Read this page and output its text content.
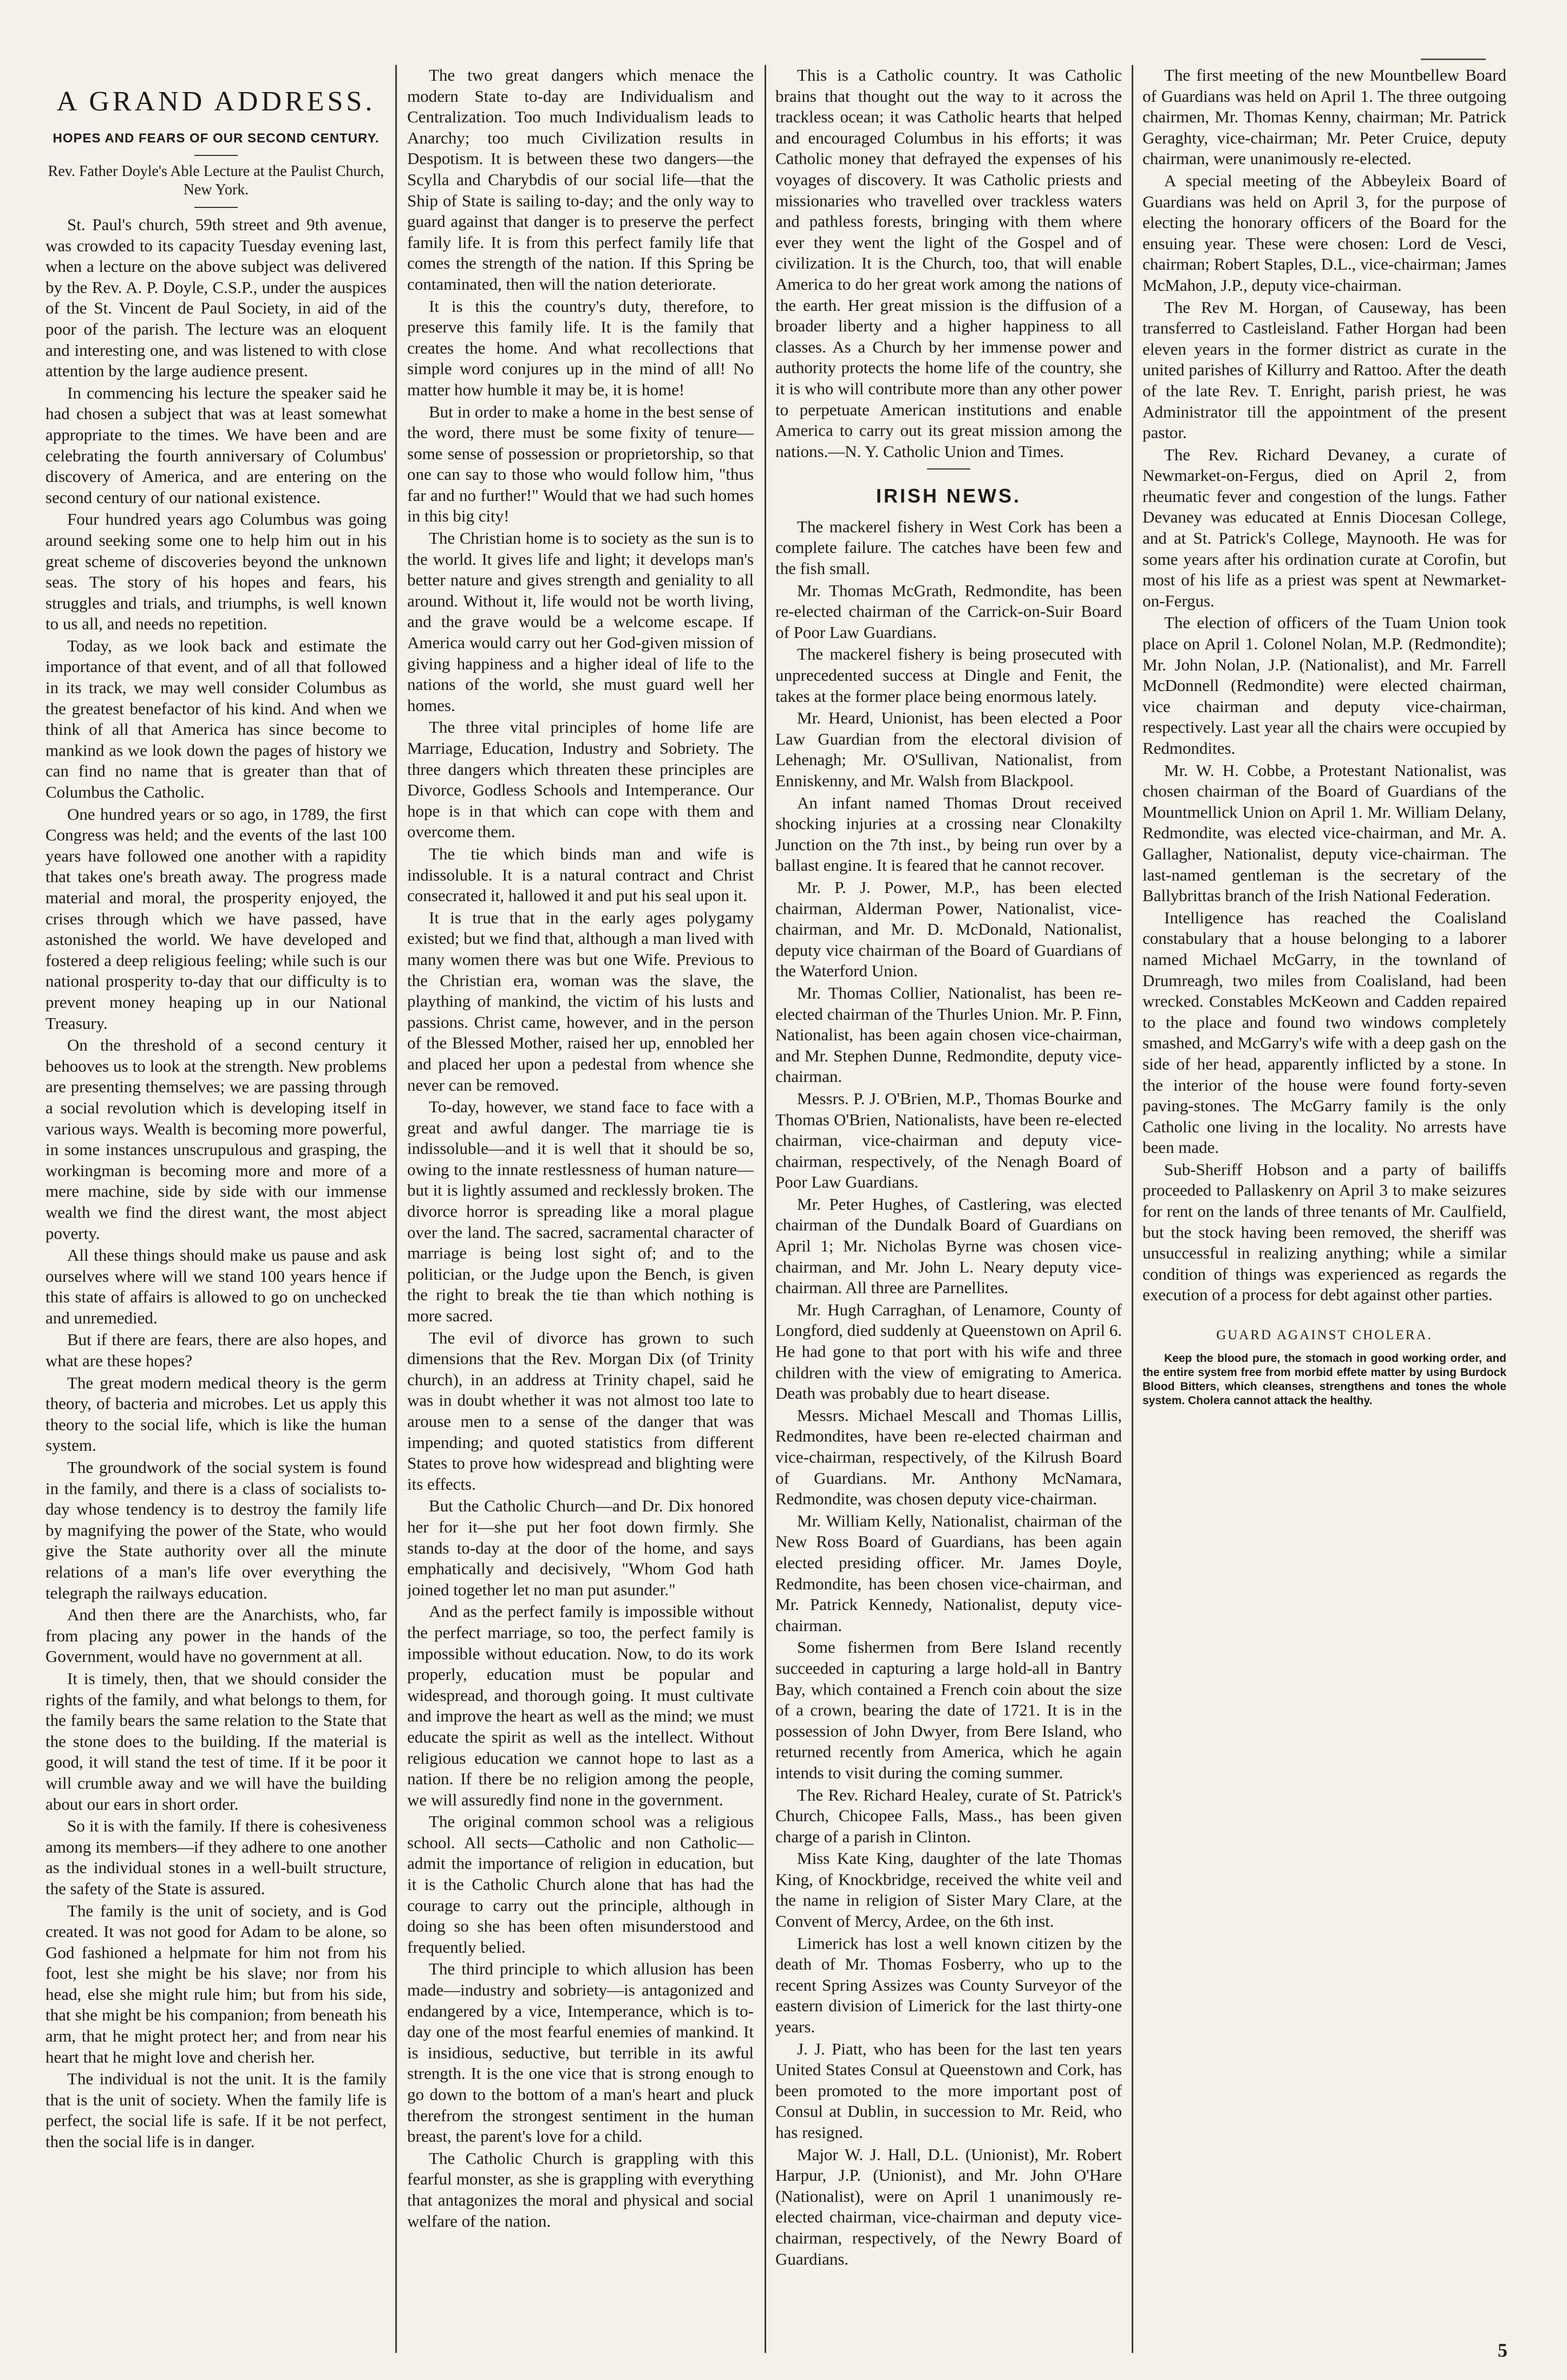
A GRAND ADDRESS.
HOPES AND FEARS OF OUR SECOND CENTURY.
Rev. Father Doyle's Able Lecture at the Paulist Church, New York.

St. Paul's church, 59th street and 9th avenue, was crowded to its capacity Tuesday evening last, when a lecture on the above subject was delivered by the Rev. A. P. Doyle, C.S.P., under the auspices of the St. Vincent de Paul Society, in aid of the poor of the parish. The lecture was an eloquent and interesting one, and was listened to with close attention by the large audience present.

In commencing his lecture the speaker said he had chosen a subject that was at least somewhat appropriate to the times. We have been and are celebrating the fourth anniversary of Columbus' discovery of America, and are entering on the second century of our national existence.

Four hundred years ago Columbus was going around seeking some one to help him out in his great scheme of discoveries beyond the unknown seas. The story of his hopes and fears, his struggles and trials, and triumphs, is well known to us all, and needs no repetition.

Today, as we look back and estimate the importance of that event, and of all that followed in its track, we may well consider Columbus as the greatest benefactor of his kind. And when we think of all that America has since become to mankind as we look down the pages of history we can find no name that is greater than that of Columbus the Catholic.

One hundred years or so ago, in 1789, the first Congress was held; and the events of the last 100 years have followed one another with a rapidity that takes one's breath away. The progress made material and moral, the prosperity enjoyed, the crises through which we have passed, have astonished the world. We have developed and fostered a deep religious feeling; while such is our national prosperity to-day that our difficulty is to prevent money heaping up in our National Treasury.

On the threshold of a second century it behooves us to look at the strength. New problems are presenting themselves; we are passing through a social revolution which is developing itself in various ways. Wealth is becoming more powerful, in some instances unscrupulous and grasping, the workingman is becoming more and more of a mere machine, side by side with our immense wealth we find the direst want, the most abject poverty.

All these things should make us pause and ask ourselves where will we stand 100 years hence if this state of affairs is allowed to go on unchecked and unremedied.

But if there are fears, there are also hopes, and what are these hopes?

The great modern medical theory is the germ theory, of bacteria and microbes. Let us apply this theory to the social life, which is like the human system.

The groundwork of the social system is found in the family, and there is a class of socialists to-day whose tendency is to destroy the family life by magnifying the power of the State, who would give the State authority over all the minute relations of a man's life over everything the telegraph the railways education.

And then there are the Anarchists, who, far from placing any power in the hands of the Government, would have no government at all.

It is timely, then, that we should consider the rights of the family, and what belongs to them, for the family bears the same relation to the State that the stone does to the building. If the material is good, it will stand the test of time. If it be poor it will crumble away and we will have the building about our ears in short order.

So it is with the family. If there is cohesiveness among its members—if they adhere to one another as the individual stones in a well-built structure, the safety of the State is assured.

The family is the unit of society, and is God created. It was not good for Adam to be alone, so God fashioned a helpmate for him not from his foot, lest she might be his slave; nor from his head, else she might rule him; but from his side, that she might be his companion; from beneath his arm, that he might protect her; and from near his heart that he might love and cherish her.

The individual is not the unit. It is the family that is the unit of society. When the family life is perfect, the social life is safe. If it be not perfect, then the social life is in danger.

The two great dangers which menace the modern State to-day are Individualism and Centralization. Too much Individualism leads to Anarchy; too much Civilization results in Despotism. It is between these two dangers—the Scylla and Charybdis of our social life—that the Ship of State is sailing to-day; and the only way to guard against that danger is to preserve the perfect family life. It is from this perfect family life that comes the strength of the nation. If this Spring be contaminated, then will the nation deteriorate.

It is this the country's duty, therefore, to preserve this family life. It is the family that creates the home. And what recollections that simple word conjures up in the mind of all! No matter how humble it may be, it is home!

But in order to make a home in the best sense of the word, there must be some fixity of tenure—some sense of possession or proprietorship, so that one can say to those who would follow him, "thus far and no further!" Would that we had such homes in this big city!

The Christian home is to society as the sun is to the world. It gives life and light; it develops man's better nature and gives strength and geniality to all around. Without it, life would not be worth living, and the grave would be a welcome escape. If America would carry out her God-given mission of giving happiness and a higher ideal of life to the nations of the world, she must guard well her homes.

The three vital principles of home life are Marriage, Education, Industry and Sobriety. The three dangers which threaten these principles are Divorce, Godless Schools and Intemperance. Our hope is in that which can cope with them and overcome them.

The tie which binds man and wife is indissoluble. It is a natural contract and Christ consecrated it, hallowed it and put his seal upon it.

It is true that in the early ages polygamy existed; but we find that, although a man lived with many women there was but one Wife. Previous to the Christian era, woman was the slave, the plaything of mankind, the victim of his lusts and passions. Christ came, however, and in the person of the Blessed Mother, raised her up, ennobled her and placed her upon a pedestal from whence she never can be removed.

To-day, however, we stand face to face with a great and awful danger. The marriage tie is indissoluble—and it is well that it should be so, owing to the innate restlessness of human nature—but it is lightly assumed and recklessly broken. The divorce horror is spreading like a moral plague over the land. The sacred, sacramental character of marriage is being lost sight of; and to the politician, or the Judge upon the Bench, is given the right to break the tie than which nothing is more sacred.

The evil of divorce has grown to such dimensions that the Rev. Morgan Dix (of Trinity church), in an address at Trinity chapel, said he was in doubt whether it was not almost too late to arouse men to a sense of the danger that was impending; and quoted statistics from different States to prove how widespread and blighting were its effects.

But the Catholic Church—and Dr. Dix honored her for it—she put her foot down firmly. She stands to-day at the door of the home, and says emphatically and decisively, "Whom God hath joined together let no man put asunder."

And as the perfect family is impossible without the perfect marriage, so too, the perfect family is impossible without education. Now, to do its work properly, education must be popular and widespread, and thorough going. It must cultivate and improve the heart as well as the mind; we must educate the spirit as well as the intellect. Without religious education we cannot hope to last as a nation. If there be no religion among the people, we will assuredly find none in the government.

The original common school was a religious school. All sects—Catholic and non Catholic—admit the importance of religion in education, but it is the Catholic Church alone that has had the courage to carry out the principle, although in doing so she has been often misunderstood and frequently belied.

The third principle to which allusion has been made—industry and sobriety—is antagonized and endangered by a vice, Intemperance, which is to-day one of the most fearful enemies of mankind. It is insidious, seductive, but terrible in its awful strength. It is the one vice that is strong enough to go down to the bottom of a man's heart and pluck therefrom the strongest sentiment in the human breast, the parent's love for a child.

The Catholic Church is grappling with this fearful monster, as she is grappling with everything that antagonizes the moral and physical and social welfare of the nation.

This is a Catholic country. It was Catholic brains that thought out the way to it across the trackless ocean; it was Catholic hearts that helped and encouraged Columbus in his efforts; it was Catholic money that defrayed the expenses of his voyages of discovery. It was Catholic priests and missionaries who travelled over trackless waters and pathless forests, bringing with them where ever they went the light of the Gospel and of civilization. It is the Church, too, that will enable America to do her great work among the nations of the earth. Her great mission is the diffusion of a broader liberty and a higher happiness to all classes. As a Church by her immense power and authority protects the home life of the country, she it is who will contribute more than any other power to perpetuate American institutions and enable America to carry out its great mission among the nations.—N. Y. Catholic Union and Times.

IRISH NEWS.

The mackerel fishery in West Cork has been a complete failure. The catches have been few and the fish small.

Mr. Thomas McGrath, Redmondite, has been re-elected chairman of the Carrick-on-Suir Board of Poor Law Guardians.

The mackerel fishery is being prosecuted with unprecedented success at Dingle and Fenit, the takes at the former place being enormous lately.

Mr. Heard, Unionist, has been elected a Poor Law Guardian from the electoral division of Lehenagh; Mr. O'Sullivan, Nationalist, from Enniskenny, and Mr. Walsh from Blackpool.

An infant named Thomas Drout received shocking injuries at a crossing near Clonakilty Junction on the 7th inst., by being run over by a ballast engine. It is feared that he cannot recover.

Mr. P. J. Power, M.P., has been elected chairman, Alderman Power, Nationalist, vice-chairman, and Mr. D. McDonald, Nationalist, deputy vice chairman of the Board of Guardians of the Waterford Union.

Mr. Thomas Collier, Nationalist, has been re-elected chairman of the Thurles Union. Mr. P. Finn, Nationalist, has been again chosen vice-chairman, and Mr. Stephen Dunne, Redmondite, deputy vice-chairman.

Messrs. P. J. O'Brien, M.P., Thomas Bourke and Thomas O'Brien, Nationalists, have been re-elected chairman, vice-chairman and deputy vice-chairman, respectively, of the Nenagh Board of Poor Law Guardians.

Mr. Peter Hughes, of Castlering, was elected chairman of the Dundalk Board of Guardians on April 1; Mr. Nicholas Byrne was chosen vice-chairman, and Mr. John L. Neary deputy vice-chairman. All three are Parnellites.

Mr. Hugh Carraghan, of Lenamore, County of Longford, died suddenly at Queenstown on April 6. He had gone to that port with his wife and three children with the view of emigrating to America. Death was probably due to heart disease.

Messrs. Michael Mescall and Thomas Lillis, Redmondites, have been re-elected chairman and vice-chairman, respectively, of the Kilrush Board of Guardians. Mr. Anthony McNamara, Redmondite, was chosen deputy vice-chairman.

Mr. William Kelly, Nationalist, chairman of the New Ross Board of Guardians, has been again elected presiding officer. Mr. James Doyle, Redmondite, has been chosen vice-chairman, and Mr. Patrick Kennedy, Nationalist, deputy vice-chairman.

Some fishermen from Bere Island recently succeeded in capturing a large hold-all in Bantry Bay, which contained a French coin about the size of a crown, bearing the date of 1721. It is in the possession of John Dwyer, from Bere Island, who returned recently from America, which he again intends to visit during the coming summer.

The Rev. Richard Healey, curate of St. Patrick's Church, Chicopee Falls, Mass., has been given charge of a parish in Clinton.

Miss Kate King, daughter of the late Thomas King, of Knockbridge, received the white veil and the name in religion of Sister Mary Clare, at the Convent of Mercy, Ardee, on the 6th inst.

Limerick has lost a well known citizen by the death of Mr. Thomas Fosberry, who up to the recent Spring Assizes was County Surveyor of the eastern division of Limerick for the last thirty-one years.

J. J. Piatt, who has been for the last ten years United States Consul at Queenstown and Cork, has been promoted to the more important post of Consul at Dublin, in succession to Mr. Reid, who has resigned.

Major W. J. Hall, D.L. (Unionist), Mr. Robert Harpur, J.P. (Unionist), and Mr. John O'Hare (Nationalist), were on April 1 unanimously re-elected chairman, vice-chairman and deputy vice-chairman, respectively, of the Newry Board of Guardians.

The first meeting of the new Mountbellew Board of Guardians was held on April 1. The three outgoing chairmen, Mr. Thomas Kenny, chairman; Mr. Patrick Geraghty, vice-chairman; Mr. Peter Cruice, deputy chairman, were unanimously re-elected.

A special meeting of the Abbeyleix Board of Guardians was held on April 3, for the purpose of electing the honorary officers of the Board for the ensuing year. These were chosen: Lord de Vesci, chairman; Robert Staples, D.L., vice-chairman; James McMahon, J.P., deputy vice-chairman.

The Rev M. Horgan, of Causeway, has been transferred to Castleisland. Father Horgan had been eleven years in the former district as curate in the united parishes of Killurry and Rattoo. After the death of the late Rev. T. Enright, parish priest, he was Administrator till the appointment of the present pastor.

The Rev. Richard Devaney, a curate of Newmarket-on-Fergus, died on April 2, from rheumatic fever and congestion of the lungs. Father Devaney was educated at Ennis Diocesan College, and at St. Patrick's College, Maynooth. He was for some years after his ordination curate at Corofin, but most of his life as a priest was spent at Newmarket-on-Fergus.

The election of officers of the Tuam Union took place on April 1. Colonel Nolan, M.P. (Redmondite); Mr. John Nolan, J.P. (Nationalist), and Mr. Farrell McDonnell (Redmondite) were elected chairman, vice chairman and deputy vice-chairman, respectively. Last year all the chairs were occupied by Redmondites.

Mr. W. H. Cobbe, a Protestant Nationalist, was chosen chairman of the Board of Guardians of the Mountmellick Union on April 1. Mr. William Delany, Redmondite, was elected vice-chairman, and Mr. A. Gallagher, Nationalist, deputy vice-chairman. The last-named gentleman is the secretary of the Ballybrittas branch of the Irish National Federation.

Intelligence has reached the Coalisland constabulary that a house belonging to a laborer named Michael McGarry, in the townland of Drumreagh, two miles from Coalisland, had been wrecked. Constables McKeown and Cadden repaired to the place and found two windows completely smashed, and McGarry's wife with a deep gash on the side of her head, apparently inflicted by a stone. In the interior of the house were found forty-seven paving-stones. The McGarry family is the only Catholic one living in the locality. No arrests have been made.

Sub-Sheriff Hobson and a party of bailiffs proceeded to Pallaskenry on April 3 to make seizures for rent on the lands of three tenants of Mr. Caulfield, but the stock having been removed, the sheriff was unsuccessful in realizing anything; while a similar condition of things was experienced as regards the execution of a process for debt against other parties.

GUARD AGAINST CHOLERA.

Keep the blood pure, the stomach in good working order, and the entire system free from morbid effete matter by using Burdock Blood Bitters, which cleanses, strengthens and tones the whole system. Cholera cannot attack the healthy.

5
